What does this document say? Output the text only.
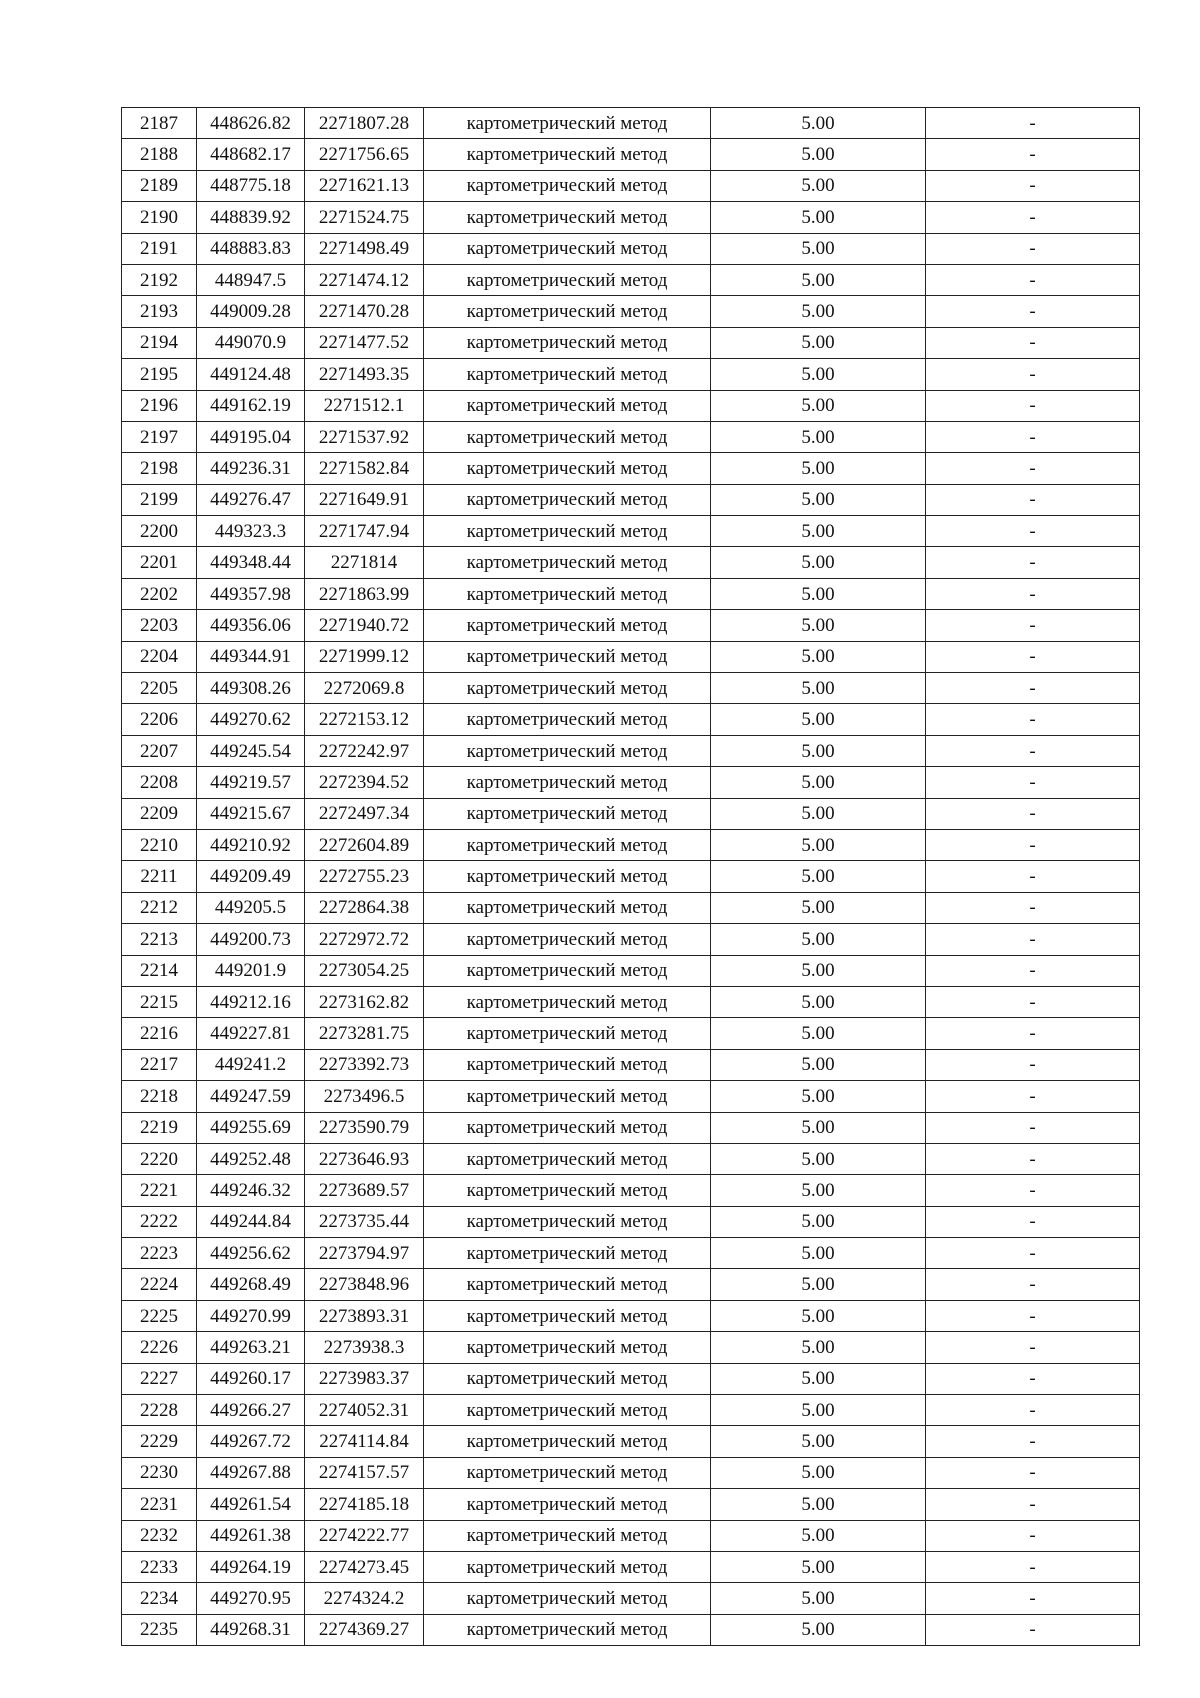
2187	448626.82	2271807.28	картометрический метод	5.00	-
2188	448682.17	2271756.65	картометрический метод	5.00	-
2189	448775.18	2271621.13	картометрический метод	5.00	-
2190	448839.92	2271524.75	картометрический метод	5.00	-
2191	448883.83	2271498.49	картометрический метод	5.00	-
2192	448947.5	2271474.12	картометрический метод	5.00	-
2193	449009.28	2271470.28	картометрический метод	5.00	-
2194	449070.9	2271477.52	картометрический метод	5.00	-
2195	449124.48	2271493.35	картометрический метод	5.00	-
2196	449162.19	2271512.1	картометрический метод	5.00	-
2197	449195.04	2271537.92	картометрический метод	5.00	-
2198	449236.31	2271582.84	картометрический метод	5.00	-
2199	449276.47	2271649.91	картометрический метод	5.00	-
2200	449323.3	2271747.94	картометрический метод	5.00	-
2201	449348.44	2271814	картометрический метод	5.00	-
2202	449357.98	2271863.99	картометрический метод	5.00	-
2203	449356.06	2271940.72	картометрический метод	5.00	-
2204	449344.91	2271999.12	картометрический метод	5.00	-
2205	449308.26	2272069.8	картометрический метод	5.00	-
2206	449270.62	2272153.12	картометрический метод	5.00	-
2207	449245.54	2272242.97	картометрический метод	5.00	-
2208	449219.57	2272394.52	картометрический метод	5.00	-
2209	449215.67	2272497.34	картометрический метод	5.00	-
2210	449210.92	2272604.89	картометрический метод	5.00	-
2211	449209.49	2272755.23	картометрический метод	5.00	-
2212	449205.5	2272864.38	картометрический метод	5.00	-
2213	449200.73	2272972.72	картометрический метод	5.00	-
2214	449201.9	2273054.25	картометрический метод	5.00	-
2215	449212.16	2273162.82	картометрический метод	5.00	-
2216	449227.81	2273281.75	картометрический метод	5.00	-
2217	449241.2	2273392.73	картометрический метод	5.00	-
2218	449247.59	2273496.5	картометрический метод	5.00	-
2219	449255.69	2273590.79	картометрический метод	5.00	-
2220	449252.48	2273646.93	картометрический метод	5.00	-
2221	449246.32	2273689.57	картометрический метод	5.00	-
2222	449244.84	2273735.44	картометрический метод	5.00	-
2223	449256.62	2273794.97	картометрический метод	5.00	-
2224	449268.49	2273848.96	картометрический метод	5.00	-
2225	449270.99	2273893.31	картометрический метод	5.00	-
2226	449263.21	2273938.3	картометрический метод	5.00	-
2227	449260.17	2273983.37	картометрический метод	5.00	-
2228	449266.27	2274052.31	картометрический метод	5.00	-
2229	449267.72	2274114.84	картометрический метод	5.00	-
2230	449267.88	2274157.57	картометрический метод	5.00	-
2231	449261.54	2274185.18	картометрический метод	5.00	-
2232	449261.38	2274222.77	картометрический метод	5.00	-
2233	449264.19	2274273.45	картометрический метод	5.00	-
2234	449270.95	2274324.2	картометрический метод	5.00	-
2235	449268.31	2274369.27	картометрический метод	5.00	-
